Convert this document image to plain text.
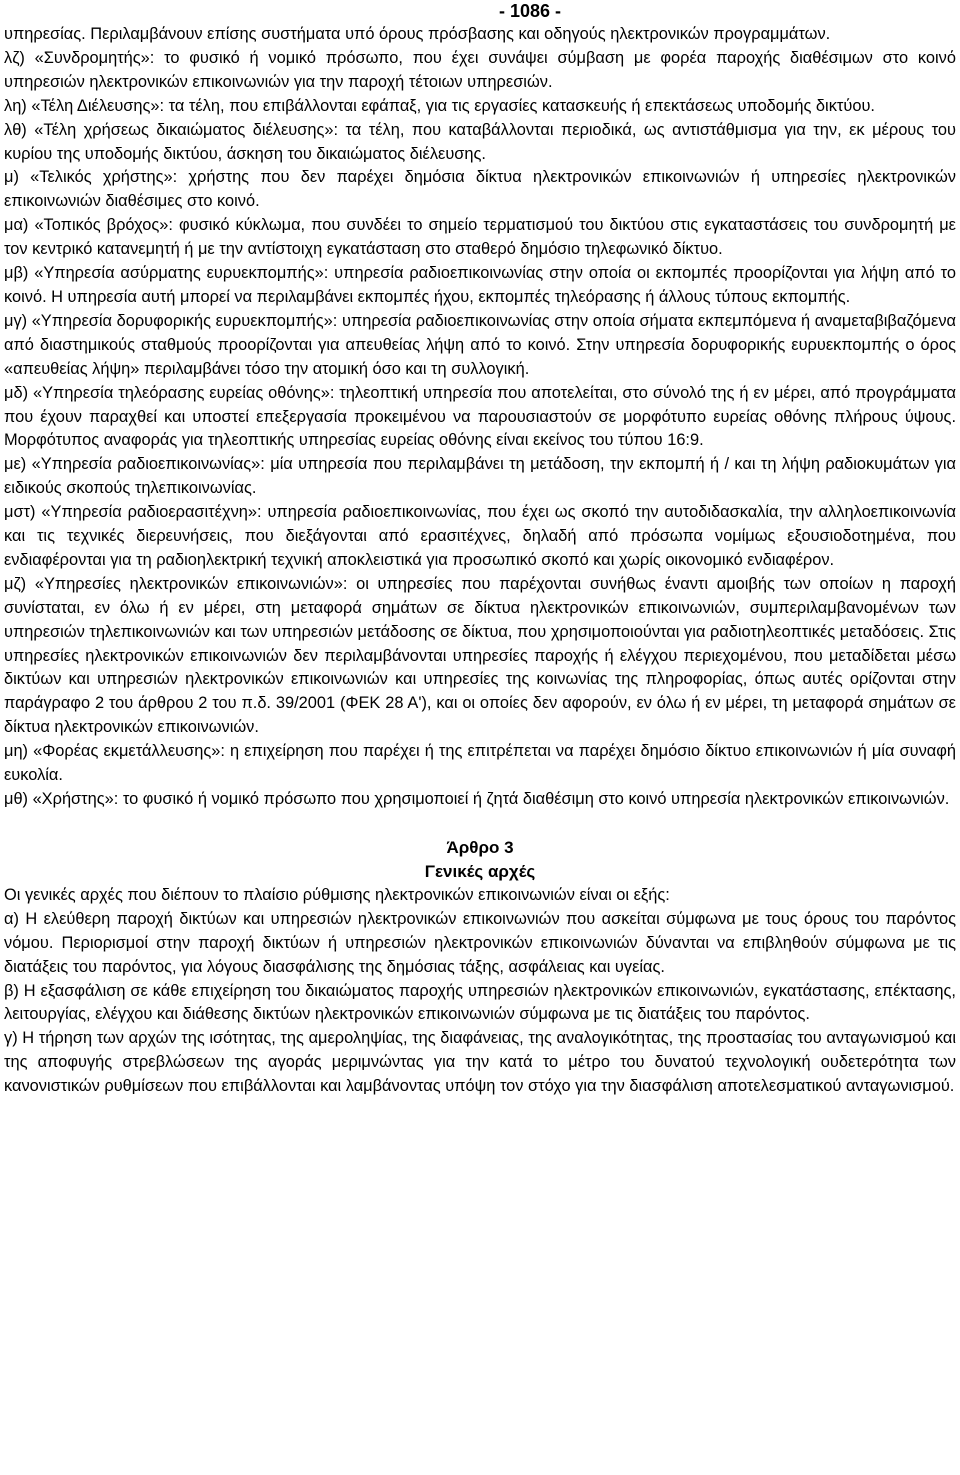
- 1086 -

υπηρεσίας. Περιλαμβάνουν επίσης συστήματα υπό όρους πρόσβασης και οδηγούς ηλεκτρονικών προγραμμάτων.

λζ) «Συνδρομητής»: το φυσικό ή νομικό πρόσωπο, που έχει συνάψει σύμβαση με φορέα παροχής διαθέσιμων στο κοινό υπηρεσιών ηλεκτρονικών επικοινωνιών για την παροχή τέτοιων υπηρεσιών.

λη) «Τέλη Διέλευσης»: τα τέλη, που επιβάλλονται εφάπαξ, για τις εργασίες κατασκευής ή επεκτάσεως υποδομής δικτύου.

λθ) «Τέλη χρήσεως δικαιώματος διέλευσης»: τα τέλη, που καταβάλλονται περιοδικά, ως αντιστάθμισμα για την, εκ μέρους του κυρίου της υποδομής δικτύου, άσκηση του δικαιώματος διέλευσης.

μ) «Τελικός χρήστης»: χρήστης που δεν παρέχει δημόσια δίκτυα ηλεκτρονικών επικοινωνιών ή υπηρεσίες ηλεκτρονικών επικοινωνιών διαθέσιμες στο κοινό.

μα) «Τοπικός βρόχος»: φυσικό κύκλωμα, που συνδέει το σημείο τερματισμού του δικτύου στις εγκαταστάσεις του συνδρομητή με τον κεντρικό κατανεμητή ή με την αντίστοιχη εγκατάσταση στο σταθερό δημόσιο τηλεφωνικό δίκτυο.

μβ) «Υπηρεσία ασύρματης ευρυεκπομπής»: υπηρεσία ραδιοεπικοινωνίας στην οποία οι εκπομπές προορίζονται για λήψη από το κοινό. Η υπηρεσία αυτή μπορεί να περιλαμβάνει εκπομπές ήχου, εκπομπές τηλεόρασης ή άλλους τύπους εκπομπής.

μγ) «Υπηρεσία δορυφορικής ευρυεκπομπής»: υπηρεσία ραδιοεπικοινωνίας στην οποία σήματα εκπεμπόμενα ή αναμεταβιβαζόμενα από διαστημικούς σταθμούς προορίζονται για απευθείας λήψη από το κοινό. Στην υπηρεσία δορυφορικής ευρυεκπομπής ο όρος «απευθείας λήψη» περιλαμβάνει τόσο την ατομική όσο και τη συλλογική.

μδ) «Υπηρεσία τηλεόρασης ευρείας οθόνης»: τηλεοπτική υπηρεσία που αποτελείται, στο σύνολό της ή εν μέρει, από προγράμματα που έχουν παραχθεί και υποστεί επεξεργασία προκειμένου να παρουσιαστούν σε μορφότυπο ευρείας οθόνης πλήρους ύψους. Μορφότυπος αναφοράς για τηλεοπτικής υπηρεσίας ευρείας οθόνης είναι εκείνος του τύπου 16:9.

με) «Υπηρεσία ραδιοεπικοινωνίας»: μία υπηρεσία που περιλαμβάνει τη μετάδοση, την εκπομπή ή / και τη λήψη ραδιοκυμάτων για ειδικούς σκοπούς τηλεπικοινωνίας.

μστ) «Υπηρεσία ραδιοερασιτέχνη»: υπηρεσία ραδιοεπικοινωνίας, που έχει ως σκοπό την αυτοδιδασκαλία, την αλληλοεπικοινωνία και τις τεχνικές διερευνήσεις, που διεξάγονται από ερασιτέχνες, δηλαδή από πρόσωπα νομίμως εξουσιοδοτημένα, που ενδιαφέρονται για τη ραδιοηλεκτρική τεχνική αποκλειστικά για προσωπικό σκοπό και χωρίς οικονομικό ενδιαφέρον.

μζ) «Υπηρεσίες ηλεκτρονικών επικοινωνιών»: οι υπηρεσίες που παρέχονται συνήθως έναντι αμοιβής των οποίων η παροχή συνίσταται, εν όλω ή εν μέρει, στη μεταφορά σημάτων σε δίκτυα ηλεκτρονικών επικοινωνιών, συμπεριλαμβανομένων των υπηρεσιών τηλεπικοινωνιών και των υπηρεσιών μετάδοσης σε δίκτυα, που χρησιμοποιούνται για ραδιοτηλεοπτικές μεταδόσεις. Στις υπηρεσίες ηλεκτρονικών επικοινωνιών δεν περιλαμβάνονται υπηρεσίες παροχής ή ελέγχου περιεχομένου, που μεταδίδεται μέσω δικτύων και υπηρεσιών ηλεκτρονικών επικοινωνιών και υπηρεσίες της κοινωνίας της πληροφορίας, όπως αυτές ορίζονται στην παράγραφο 2 του άρθρου 2 του π.δ. 39/2001 (ΦΕΚ 28 Α'), και οι οποίες δεν αφορούν, εν όλω ή εν μέρει, τη μεταφορά σημάτων σε δίκτυα ηλεκτρονικών επικοινωνιών.

μη) «Φορέας εκμετάλλευσης»: η επιχείρηση που παρέχει ή της επιτρέπεται να παρέχει δημόσιο δίκτυο επικοινωνιών ή μία συναφή ευκολία.

μθ) «Χρήστης»: το φυσικό ή νομικό πρόσωπο που χρησιμοποιεί ή ζητά διαθέσιμη στο κοινό υπηρεσία ηλεκτρονικών επικοινωνιών.

Άρθρο 3

Γενικές αρχές

Οι γενικές αρχές που διέπουν το πλαίσιο ρύθμισης ηλεκτρονικών επικοινωνιών είναι οι εξής:

α) Η ελεύθερη παροχή δικτύων και υπηρεσιών ηλεκτρονικών επικοινωνιών που ασκείται σύμφωνα με τους όρους του παρόντος νόμου. Περιορισμοί στην παροχή δικτύων ή υπηρεσιών ηλεκτρονικών επικοινωνιών δύνανται να επιβληθούν σύμφωνα με τις διατάξεις του παρόντος, για λόγους διασφάλισης της δημόσιας τάξης, ασφάλειας και υγείας.

β) Η εξασφάλιση σε κάθε επιχείρηση του δικαιώματος παροχής υπηρεσιών ηλεκτρονικών επικοινωνιών, εγκατάστασης, επέκτασης, λειτουργίας, ελέγχου και διάθεσης δικτύων ηλεκτρονικών επικοινωνιών σύμφωνα με τις διατάξεις του παρόντος.

γ) Η τήρηση των αρχών της ισότητας, της αμεροληψίας, της διαφάνειας, της αναλογικότητας, της προστασίας του ανταγωνισμού και της αποφυγής στρεβλώσεων της αγοράς μεριμνώντας για την κατά το μέτρο του δυνατού τεχνολογική ουδετερότητα των κανονιστικών ρυθμίσεων που επιβάλλονται και λαμβάνοντας υπόψη τον στόχο για την διασφάλιση αποτελεσματικού ανταγωνισμού.
